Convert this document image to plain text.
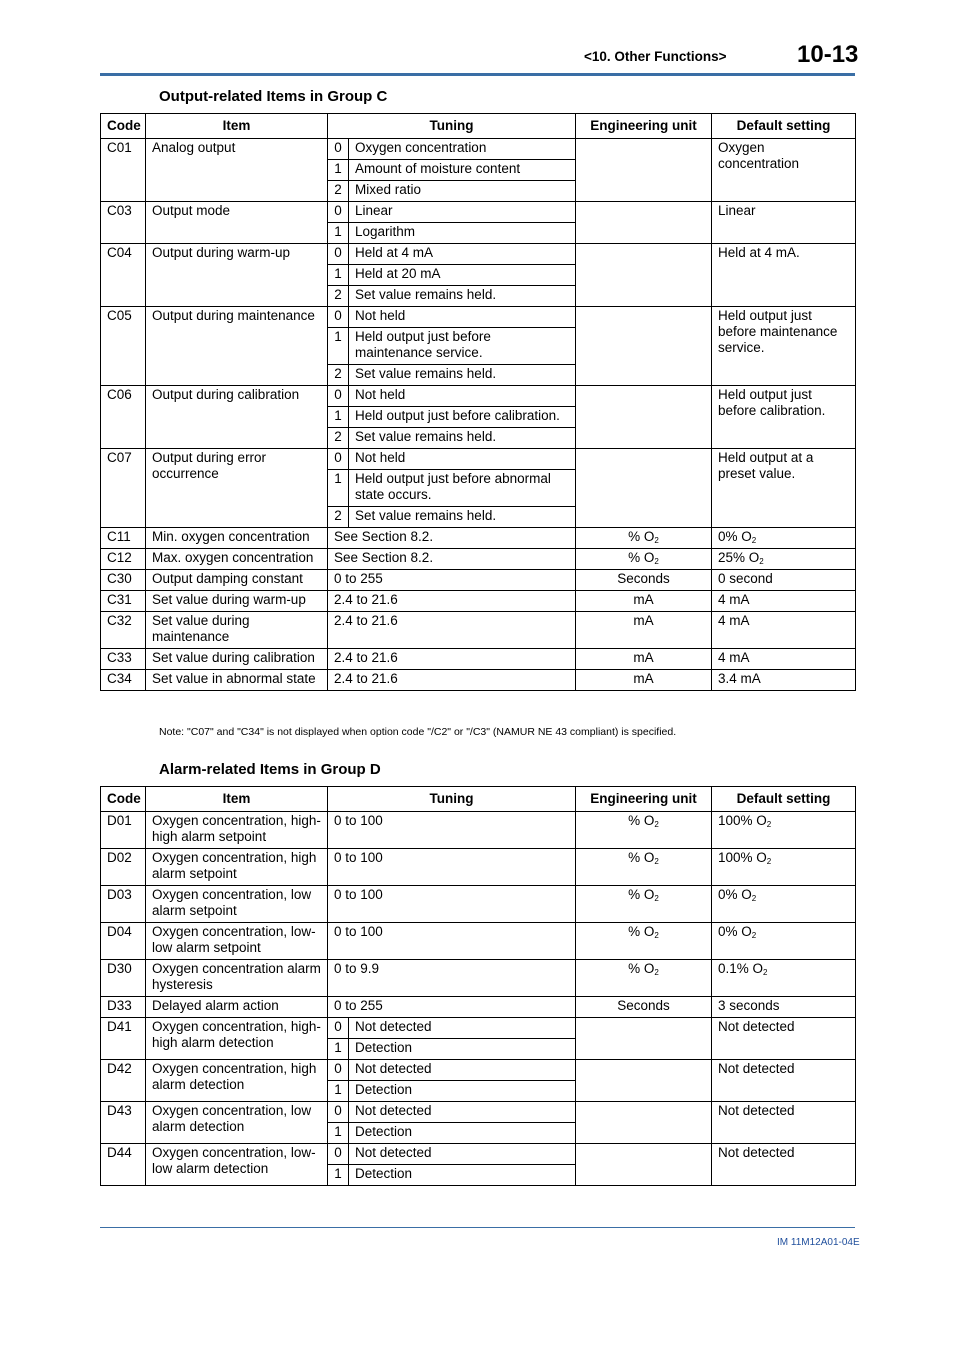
<10. Other Functions>	10-13
Output-related Items in Group C
Code	Item	Tuning		Engineering unit	Default setting
C01	Analog output	0	Oxygen concentration		Oxygen concentration
		1	Amount of moisture content		
		2	Mixed ratio		
C03	Output mode	0	Linear		Linear
		1	Logarithm		
C04	Output during warm-up	0	Held at 4 mA		Held at 4 mA.
		1	Held at 20 mA		
		2	Set value remains held.		
C05	Output during maintenance	0	Not held		Held output just before maintenance service.
		1	Held output just before maintenance service.		
		2	Set value remains held.		
C06	Output during calibration	0	Not held		Held output just before calibration.
		1	Held output just before calibration.		
		2	Set value remains held.		
C07	Output during error occurrence	0	Not held		Held output at a preset value.
		1	Held output just before abnormal state occurs.		
		2	Set value remains held.		
C11	Min. oxygen concentration	See Section 8.2.		% $O_2$	0% $O_2$
C12	Max. oxygen concentration	See Section 8.2.		% $O_2$	25% $O_2$
C30	Output damping constant	0 to 255		Seconds	0 second
C31	Set value during warm-up	2.4 to 21.6		mA	4 mA
C32	Set value during maintenance	2.4 to 21.6		mA	4 mA
C33	Set value during calibration	2.4 to 21.6		mA	4 mA
C34	Set value in abnormal state	2.4 to 21.6		mA	3.4 mA
Note: "C07" and "C34" is not displayed when option code "/C2" or "/C3" (NAMUR NE 43 compliant) is specified.
Alarm-related Items in Group D
Code	Item	Tuning		Engineering unit	Default setting
D01	Oxygen concentration, high-high alarm setpoint	0 to 100		% $O_2$	100% $O_2$
D02	Oxygen concentration, high alarm setpoint	0 to 100		% $O_2$	100% $O_2$
D03	Oxygen concentration, low alarm setpoint	0 to 100		% $O_2$	0% $O_2$
D04	Oxygen concentration, low-low alarm setpoint	0 to 100		% $O_2$	0% $O_2$
D30	Oxygen concentration alarm hysteresis	0 to 9.9		% $O_2$	0.1% $O_2$
D33	Delayed alarm action	0 to 255		Seconds	3 seconds
D41	Oxygen concentration, high-high alarm detection	0	Not detected		Not detected
		1	Detection		
D42	Oxygen concentration, high alarm detection	0	Not detected		Not detected
		1	Detection		
D43	Oxygen concentration, low alarm detection	0	Not detected		Not detected
		1	Detection		
D44	Oxygen concentration, low-low alarm detection	0	Not detected		Not detected
		1	Detection		
IM 11M12A01-04E
